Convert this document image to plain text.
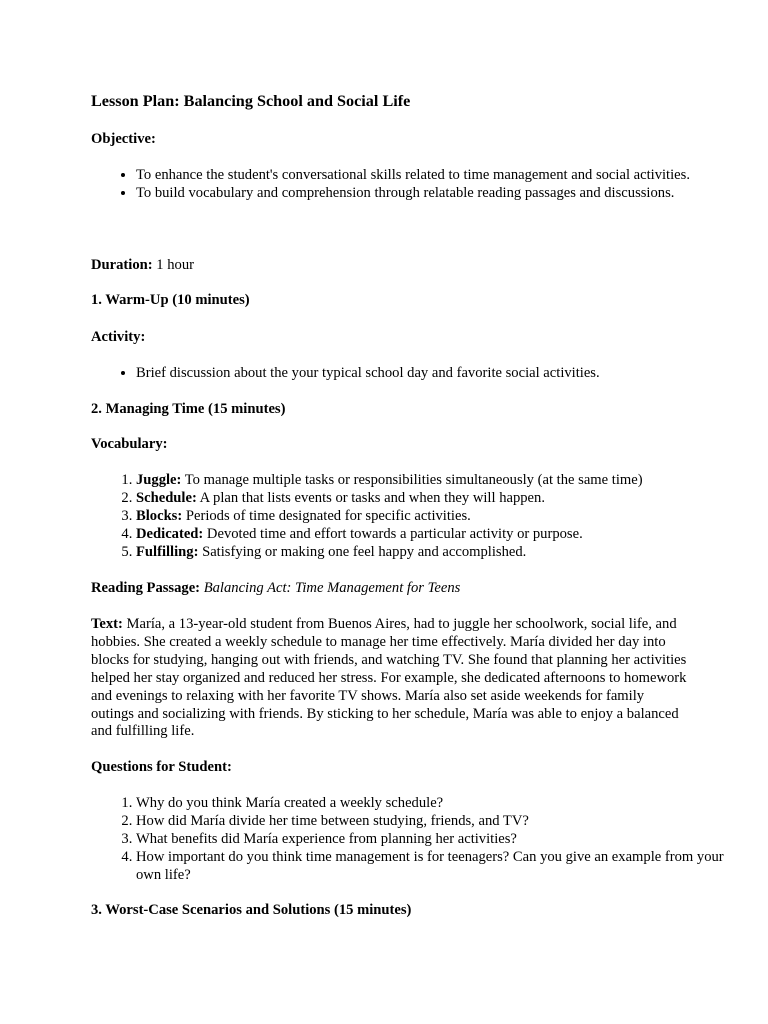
Lesson Plan: Balancing School and Social Life

Objective:

• To enhance the student's conversational skills related to time management and social activities.
• To build vocabulary and comprehension through relatable reading passages and discussions.

Duration: 1 hour

1. Warm-Up (10 minutes)

Activity:

• Brief discussion about the your typical school day and favorite social activities.

2. Managing Time (15 minutes)

Vocabulary:

1. Juggle: To manage multiple tasks or responsibilities simultaneously (at the same time)
2. Schedule: A plan that lists events or tasks and when they will happen.
3. Blocks: Periods of time designated for specific activities.
4. Dedicated: Devoted time and effort towards a particular activity or purpose.
5. Fulfilling: Satisfying or making one feel happy and accomplished.

Reading Passage: Balancing Act: Time Management for Teens

Text: María, a 13-year-old student from Buenos Aires, had to juggle her schoolwork, social life, and hobbies. She created a weekly schedule to manage her time effectively. María divided her day into blocks for studying, hanging out with friends, and watching TV. She found that planning her activities helped her stay organized and reduced her stress. For example, she dedicated afternoons to homework and evenings to relaxing with her favorite TV shows. María also set aside weekends for family outings and socializing with friends. By sticking to her schedule, María was able to enjoy a balanced and fulfilling life.

Questions for Student:

1. Why do you think María created a weekly schedule?
2. How did María divide her time between studying, friends, and TV?
3. What benefits did María experience from planning her activities?
4. How important do you think time management is for teenagers? Can you give an example from your own life?

3. Worst-Case Scenarios and Solutions (15 minutes)
